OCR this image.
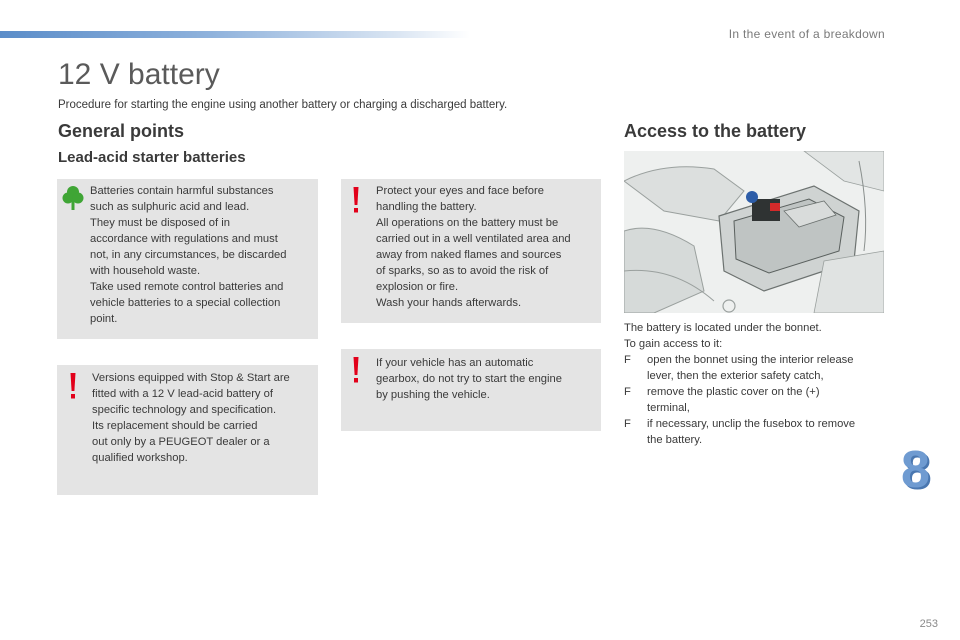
In the event of a breakdown
12 V battery

Procedure for starting the engine using another battery or charging a discharged battery.

General points
Lead-acid starter batteries

Batteries contain harmful substances

such as sulphuric acid and lead.

They must be disposed of in

accordance with regulations and must

not, in any circumstances, be discarded

with household waste.

Take used remote control batteries and

vehicle batteries to a special collection

point.

Versions equipped with Stop & Start are

fitted with a 12 V lead-acid battery of

specific technology and specification.

Its replacement should be carried

out only by a PEUGEOT dealer or a

qualified workshop.

Protect your eyes and face before

handling the battery.

All operations on the battery must be

carried out in a well ventilated area and

away from naked flames and sources

of sparks, so as to avoid the risk of

explosion or fire.

Wash your hands afterwards.

If your vehicle has an automatic

gearbox, do not try to start the engine

by pushing the vehicle.

Access to the battery

The battery is located under the bonnet.

To gain access to it:

F open the bonnet using the interior release

lever, then the exterior safety catch,

F remove the plastic cover on the (+)

terminal,

F if necessary, unclip the fusebox to remove

the battery.

8
253
